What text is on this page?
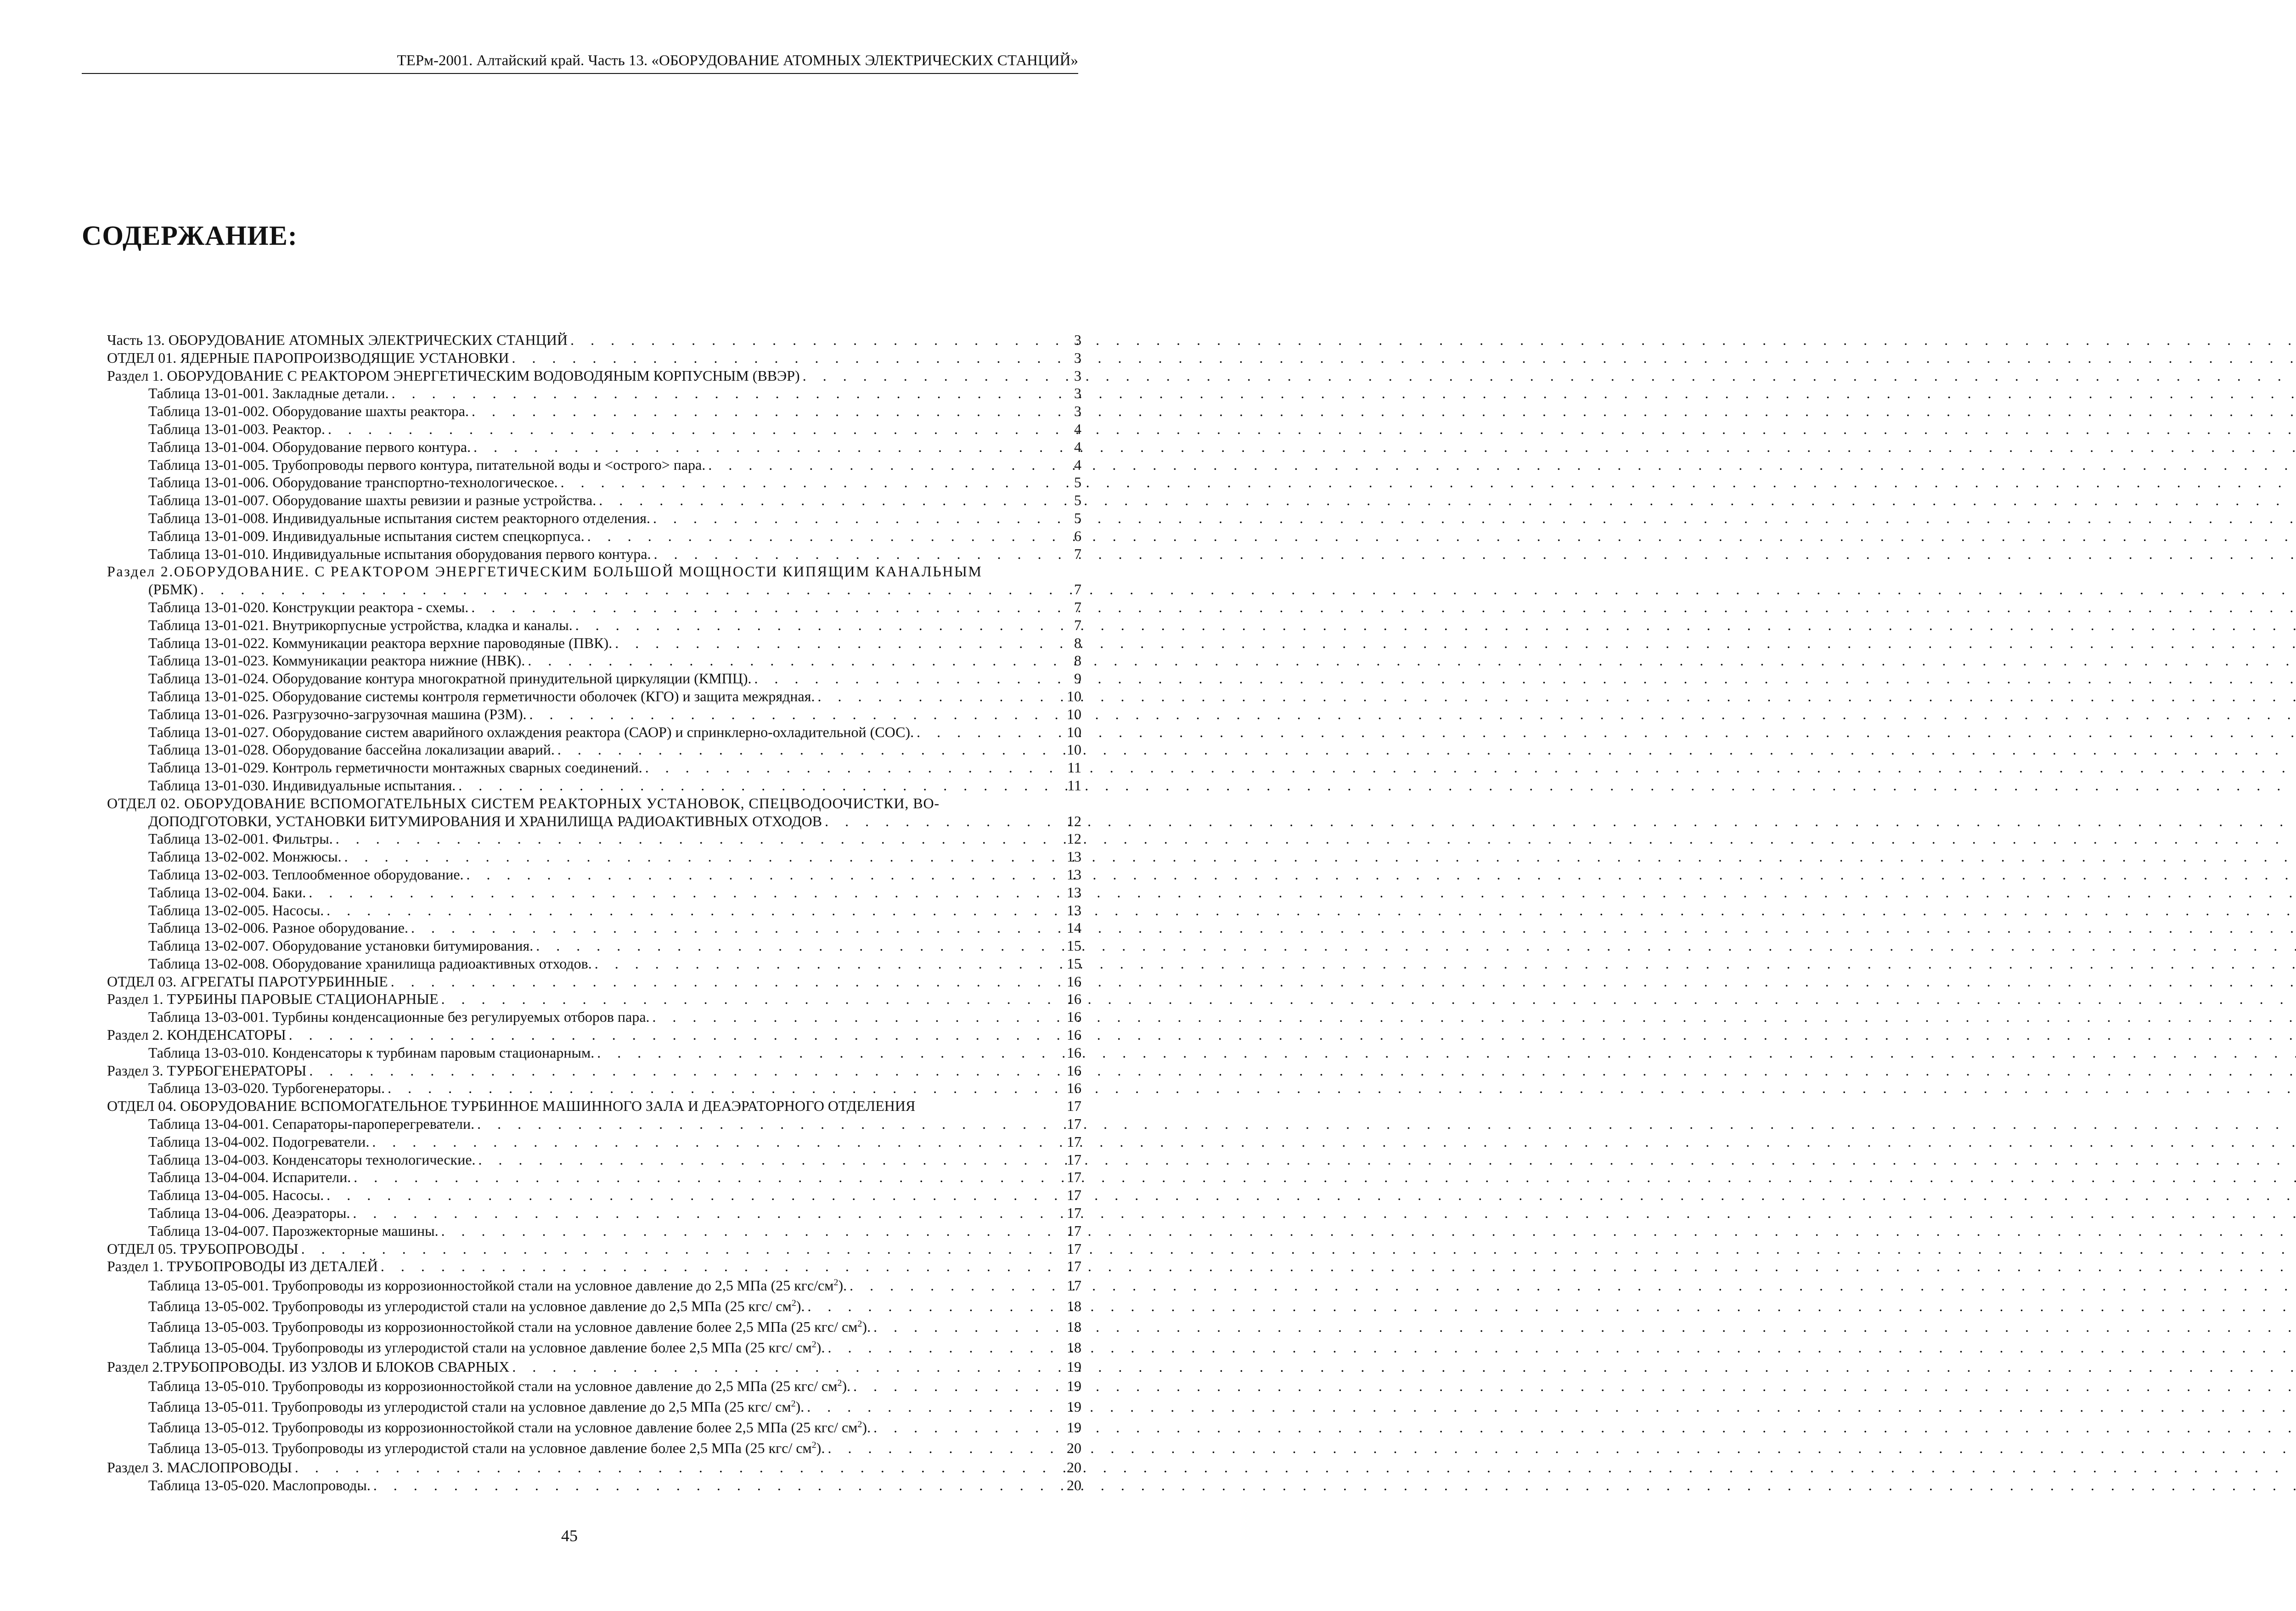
ТЕРм-2001. Алтайский край. Часть 13. «ОБОРУДОВАНИЕ АТОМНЫХ ЭЛЕКТРИЧЕСКИХ СТАНЦИЙ»
СОДЕРЖАНИЕ:
Часть 13. ОБОРУДОВАНИЕ АТОМНЫХ ЭЛЕКТРИЧЕСКИХ СТАНЦИЙ . . .	3
ОТДЕЛ 01. ЯДЕРНЫЕ ПАРОПРОИЗВОДЯЩИЕ УСТАНОВКИ . . .	3
Раздел 1. ОБОРУДОВАНИЕ С РЕАКТОРОМ ЭНЕРГЕТИЧЕСКИМ ВОДОВОДЯНЫМ КОРПУСНЫМ (ВВЭР) . . .	3
Таблица 13-01-001. Закладные детали. . . .	3
Таблица 13-01-002. Оборудование шахты реактора. . . .	3
Таблица 13-01-003. Реактор. . . .	4
Таблица 13-01-004. Оборудование первого контура. . . .	4
Таблица 13-01-005. Трубопроводы первого контура, питательной воды и <острого> пара. . . .	4
Таблица 13-01-006. Оборудование транспортно-технологическое. . . .	5
Таблица 13-01-007. Оборудование шахты ревизии и разные устройства. . . .	5
Таблица 13-01-008. Индивидуальные испытания систем реакторного отделения. . . .	5
Таблица 13-01-009. Индивидуальные испытания систем спецкорпуса. . . .	6
Таблица 13-01-010. Индивидуальные испытания оборудования первого контура. . . .	7
Раздел 2.ОБОРУДОВАНИЕ. С РЕАКТОРОМ ЭНЕРГЕТИЧЕСКИМ БОЛЬШОЙ МОЩНОСТИ КИПЯЩИМ КАНАЛЬНЫМ
(РБМК) . . .	7
Таблица 13-01-020. Конструкции реактора - схемы. . . .	7
Таблица 13-01-021. Внутрикорпусные устройства, кладка и каналы. . . .	7
Таблица 13-01-022. Коммуникации реактора верхние пароводяные (ПВК). . . .	8
Таблица 13-01-023. Коммуникации реактора нижние (НВК). . . .	8
Таблица 13-01-024. Оборудование контура многократной принудительной циркуляции (КМПЦ). . . .	9
Таблица 13-01-025. Оборудование системы контроля герметичности оболочек (КГО) и защита межрядная. . . .	10
Таблица 13-01-026. Разгрузочно-загрузочная машина (РЗМ). . . .	10
Таблица 13-01-027. Оборудование систем аварийного охлаждения реактора (САОР) и спринклерно-охладительной (СОС). . . .	10
Таблица 13-01-028. Оборудование бассейна локализации аварий. . . .	10
Таблица 13-01-029. Контроль герметичности монтажных сварных соединений. . . .	11
Таблица 13-01-030. Индивидуальные испытания. . . .	11
ОТДЕЛ 02. ОБОРУДОВАНИЕ ВСПОМОГАТЕЛЬНЫХ СИСТЕМ РЕАКТОРНЫХ УСТАНОВОК, СПЕЦВОДООЧИСТКИ, ВО-
ДОПОДГОТОВКИ, УСТАНОВКИ БИТУМИРОВАНИЯ И ХРАНИЛИЩА РАДИОАКТИВНЫХ ОТХОДОВ . . .	12
Таблица 13-02-001. Фильтры. . . .	12
Таблица 13-02-002. Монжюсы. . . .	13
Таблица 13-02-003. Теплообменное оборудование. . . .	13
Таблица 13-02-004. Баки. . . .	13
Таблица 13-02-005. Насосы. . . .	13
Таблица 13-02-006. Разное оборудование. . . .	14
Таблица 13-02-007. Оборудование установки битумирования. . . .	15
Таблица 13-02-008. Оборудование хранилища радиоактивных отходов. . . .	15
ОТДЕЛ 03. АГРЕГАТЫ ПАРОТУРБИННЫЕ . . .	16
Раздел 1. ТУРБИНЫ ПАРОВЫЕ СТАЦИОНАРНЫЕ . . .	16
Таблица 13-03-001. Турбины конденсационные без регулируемых отборов пара. . . .	16
Раздел 2. КОНДЕНСАТОРЫ . . .	16
Таблица 13-03-010. Конденсаторы к турбинам паровым стационарным. . . .	16
Раздел 3. ТУРБОГЕНЕРАТОРЫ . . .	16
Таблица 13-03-020. Турбогенераторы. . . .	16
ОТДЕЛ 04. ОБОРУДОВАНИЕ ВСПОМОГАТЕЛЬНОЕ ТУРБИННОЕ МАШИННОГО ЗАЛА И ДЕАЭРАТОРНОГО ОТДЕЛЕНИЯ	17
Таблица 13-04-001. Сепараторы-пароперегреватели. . . .	17
Таблица 13-04-002. Подогреватели. . . .	17
Таблица 13-04-003. Конденсаторы технологические. . . .	17
Таблица 13-04-004. Испарители. . . .	17
Таблица 13-04-005. Насосы. . . .	17
Таблица 13-04-006. Деаэраторы. . . .	17
Таблица 13-04-007. Парозжекторные машины. . . .	17
ОТДЕЛ 05. ТРУБОПРОВОДЫ . . .	17
Раздел 1. ТРУБОПРОВОДЫ ИЗ ДЕТАЛЕЙ . . .	17
Таблица 13-05-001. Трубопроводы из коррозионностойкой стали на условное давление до 2,5 МПа (25 кгс/$см^2$). . . .	17
Таблица 13-05-002. Трубопроводы из углеродистой стали на условное давление до 2,5 МПа (25 кгс/ $см^2$). . . .	18
Таблица 13-05-003. Трубопроводы из коррозионностойкой стали на условное давление более 2,5 МПа (25 кгс/ $см^2$). . . .	18
Таблица 13-05-004. Трубопроводы из углеродистой стали на условное давление более 2,5 МПа (25 кгс/ $см^2$). . . .	18
Раздел 2.ТРУБОПРОВОДЫ. ИЗ УЗЛОВ И БЛОКОВ СВАРНЫХ . . .	19
Таблица 13-05-010. Трубопроводы из коррозионностойкой стали на условное давление до 2,5 МПа (25 кгс/ $см^2$). . . .	19
Таблица 13-05-011. Трубопроводы из углеродистой стали на условное давление до 2,5 МПа (25 кгс/ $см^2$). . . .	19
Таблица 13-05-012. Трубопроводы из коррозионностойкой стали на условное давление более 2,5 МПа (25 кгс/ $см^2$). . . .	19
Таблица 13-05-013. Трубопроводы из углеродистой стали на условное давление более 2,5 МПа (25 кгс/ $см^2$). . . .	20
Раздел 3. МАСЛОПРОВОДЫ . . .	20
Таблица 13-05-020. Маслопроводы. . . .	20
45
